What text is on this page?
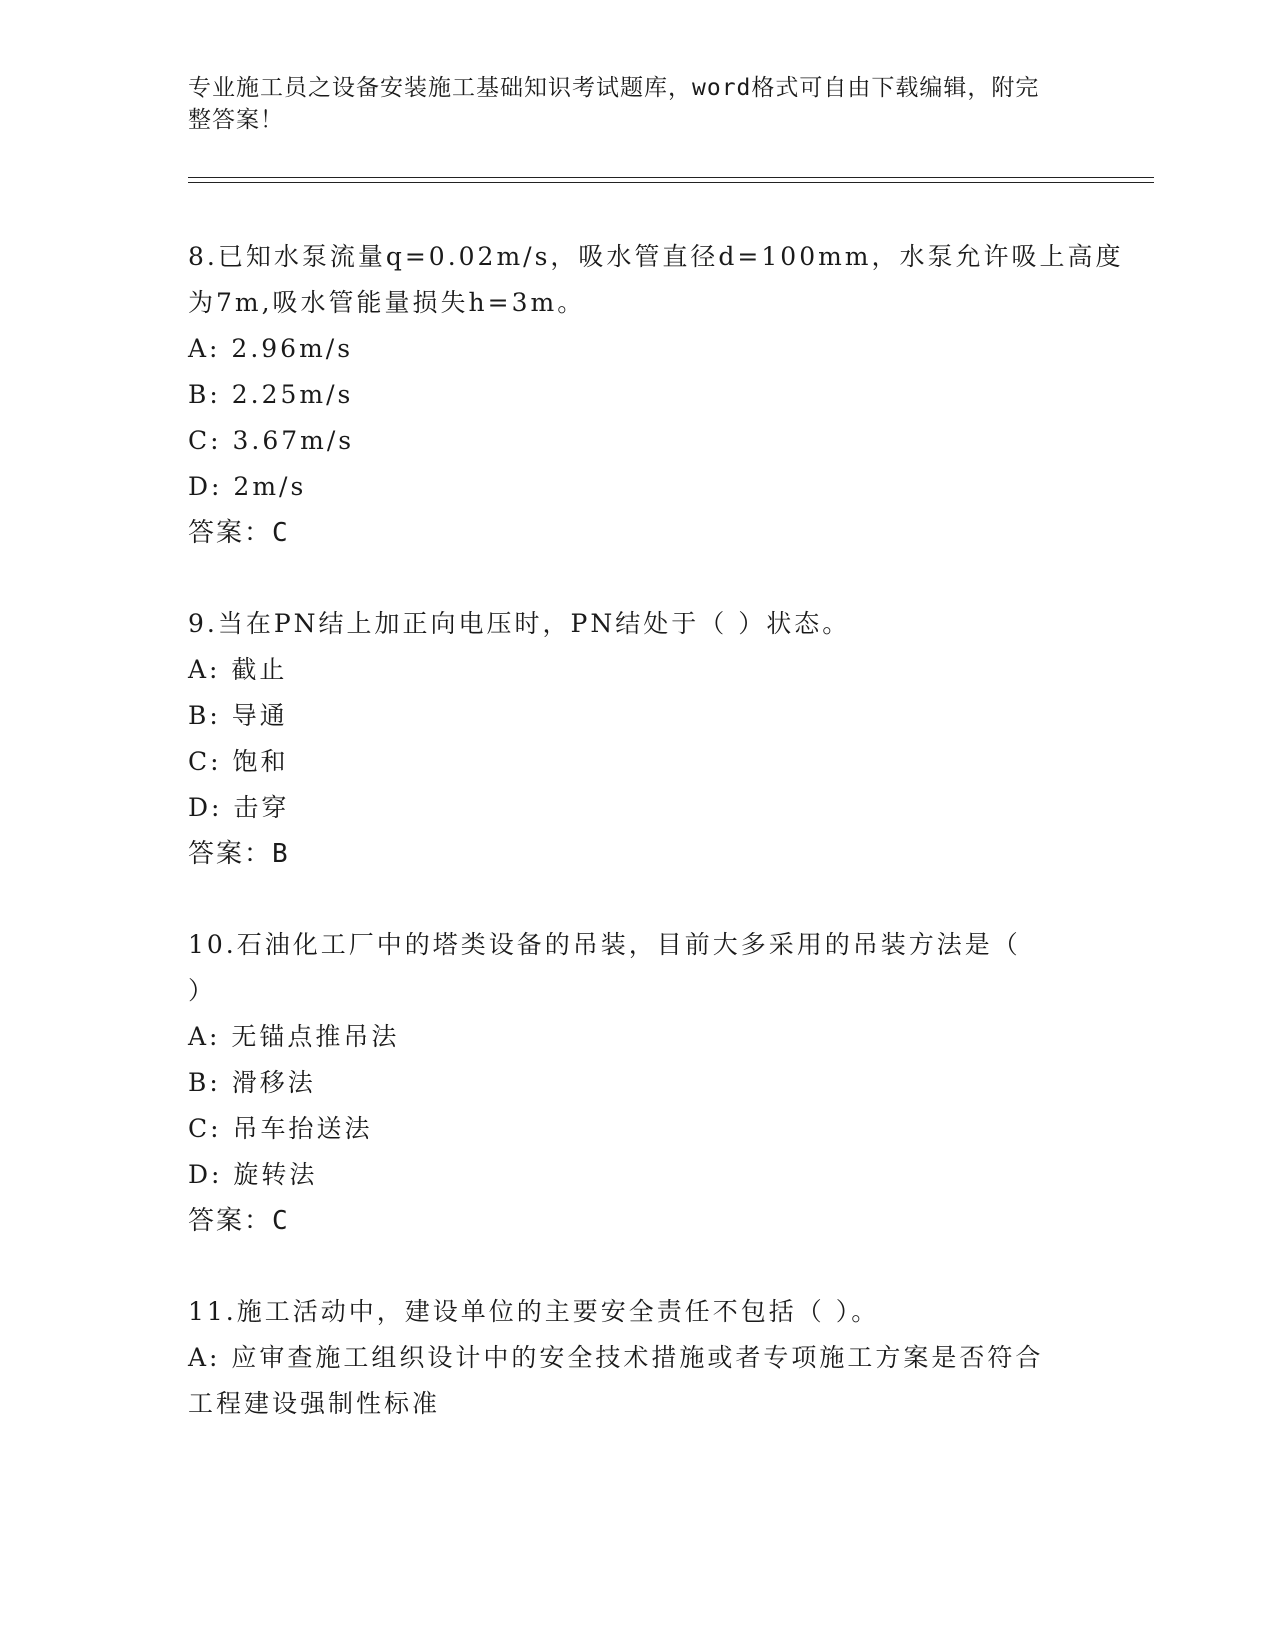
专业施工员之设备安装施工基础知识考试题库，word格式可自由下载编辑，附完
整答案！
8.已知水泵流量q=0.02m/s，吸水管直径d=100mm，水泵允许吸上高度
为7m,吸水管能量损失h=3m。
A: 2.96m/s
B: 2.25m/s
C: 3.67m/s
D: 2m/s
答案：C
9.当在PN结上加正向电压时，PN结处于（ ）状态。
A: 截止
B: 导通
C: 饱和
D: 击穿
答案：B
10.石油化工厂中的塔类设备的吊装，目前大多采用的吊装方法是（
）
A: 无锚点推吊法
B: 滑移法
C: 吊车抬送法
D: 旋转法
答案：C
11.施工活动中，建设单位的主要安全责任不包括（ ）。
A: 应审查施工组织设计中的安全技术措施或者专项施工方案是否符合
工程建设强制性标准
